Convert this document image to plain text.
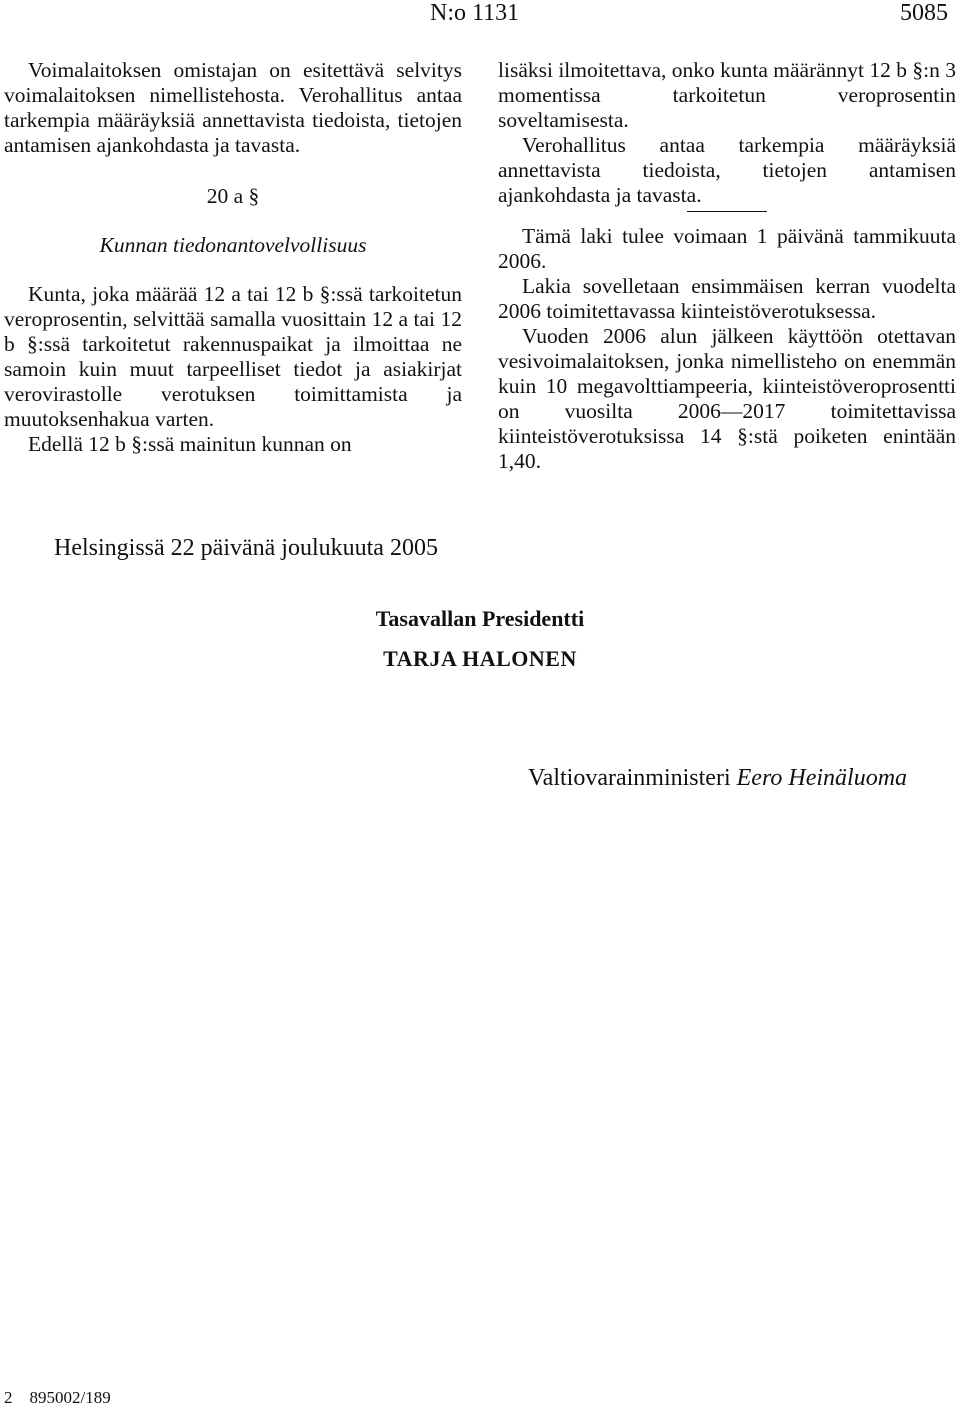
N:o 1131	5085

Voimalaitoksen omistajan on esitettävä selvitys voimalaitoksen nimellistehosta. Verohallitus antaa tarkempia määräyksiä annettavista tiedoista, tietojen antamisen ajankohdasta ja tavasta.

20 a §
Kunnan tiedonantovelvollisuus

Kunta, joka määrää 12 a tai 12 b §:ssä tarkoitetun veroprosentin, selvittää samalla vuosittain 12 a tai 12 b §:ssä tarkoitetut rakennuspaikat ja ilmoittaa ne samoin kuin muut tarpeelliset tiedot ja asiakirjat verovirastolle verotuksen toimittamista ja muutoksenhakua varten.

Edellä 12 b §:ssä mainitun kunnan on

lisäksi ilmoitettava, onko kunta määrännyt 12 b §:n 3 momentissa tarkoitetun veroprosentin soveltamisesta.

Verohallitus antaa tarkempia määräyksiä annettavista tiedoista, tietojen antamisen ajankohdasta ja tavasta.

Tämä laki tulee voimaan 1 päivänä tammikuuta 2006.

Lakia sovelletaan ensimmäisen kerran vuodelta 2006 toimitettavassa kiinteistöverotuksessa.

Vuoden 2006 alun jälkeen käyttöön otettavan vesivoimalaitoksen, jonka nimellisteho on enemmän kuin 10 megavolttiampeeria, kiinteistöveroprosentti on vuosilta 2006—2017 toimitettavissa kiinteistöverotuksissa 14 §:stä poiketen enintään 1,40.

Helsingissä 22 päivänä joulukuuta 2005
Tasavallan Presidentti
TARJA HALONEN
Valtiovarainministeri Eero Heinäluoma
2    895002/189
